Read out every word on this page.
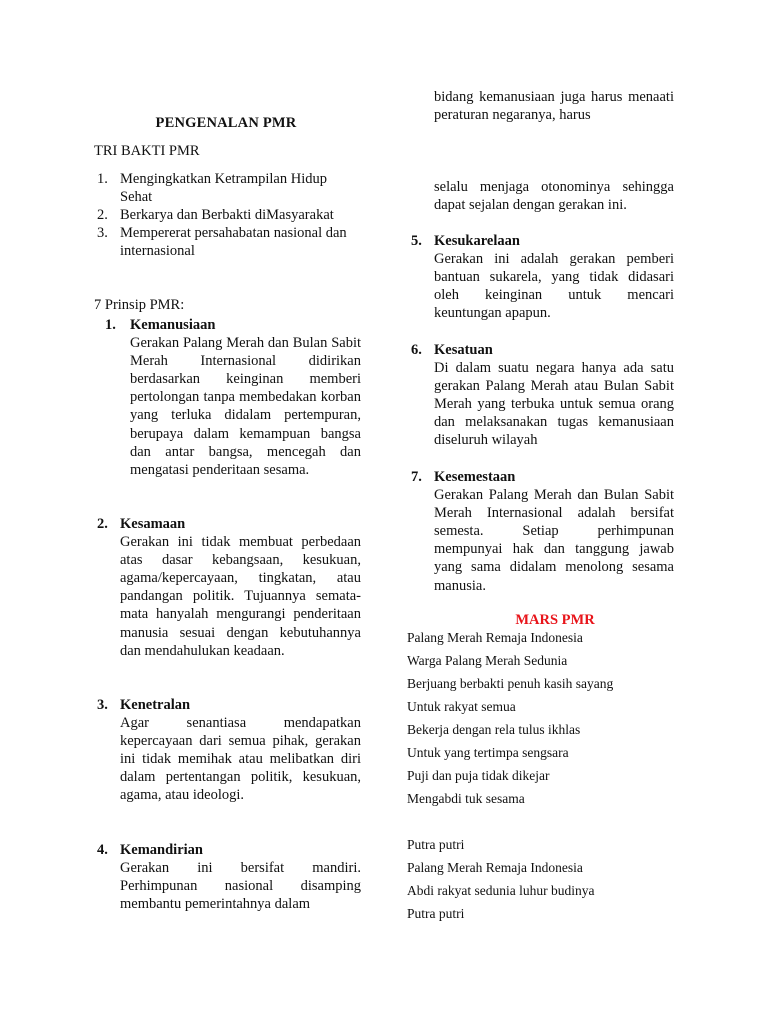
PENGENALAN PMR
TRI BAKTI PMR
1. Mengingkatkan Ketrampilan Hidup Sehat
2. Berkarya dan Berbakti diMasyarakat
3. Mempererat persahabatan nasional dan internasional
7 Prinsip PMR:
1. Kemanusiaan
Gerakan Palang Merah dan Bulan Sabit Merah Internasional didirikan berdasarkan keinginan memberi pertolongan tanpa membedakan korban yang terluka didalam pertempuran, berupaya dalam kemampuan bangsa dan antar bangsa, mencegah dan mengatasi penderitaan sesama.
2. Kesamaan
Gerakan ini tidak membuat perbedaan atas dasar kebangsaan, kesukuan, agama/kepercayaan, tingkatan, atau pandangan politik. Tujuannya semata-mata hanyalah mengurangi penderitaan manusia sesuai dengan kebutuhannya dan mendahulukan keadaan.
3. Kenetralan
Agar senantiasa mendapatkan kepercayaan dari semua pihak, gerakan ini tidak memihak atau melibatkan diri dalam pertentangan politik, kesukuan, agama, atau ideologi.
4. Kemandirian
Gerakan ini bersifat mandiri. Perhimpunan nasional disamping membantu pemerintahnya dalam
bidang kemanusiaan juga harus menaati peraturan negaranya, harus
selalu menjaga otonominya sehingga dapat sejalan dengan gerakan ini.
5. Kesukarelaan
Gerakan ini adalah gerakan pemberi bantuan sukarela, yang tidak didasari oleh keinginan untuk mencari keuntungan apapun.
6. Kesatuan
Di dalam suatu negara hanya ada satu gerakan Palang Merah atau Bulan Sabit Merah yang terbuka untuk semua orang dan melaksanakan tugas kemanusiaan diseluruh wilayah
7. Kesemestaan
Gerakan Palang Merah dan Bulan Sabit Merah Internasional adalah bersifat semesta. Setiap perhimpunan mempunyai hak dan tanggung jawab yang sama didalam menolong sesama manusia.
MARS PMR
Palang Merah Remaja Indonesia
Warga Palang Merah Sedunia
Berjuang berbakti penuh kasih sayang
Untuk rakyat semua
Bekerja dengan rela tulus ikhlas
Untuk yang tertimpa sengsara
Puji dan puja tidak dikejar
Mengabdi tuk sesama
Putra putri
Palang Merah Remaja Indonesia
Abdi rakyat sedunia luhur budinya
Putra putri
